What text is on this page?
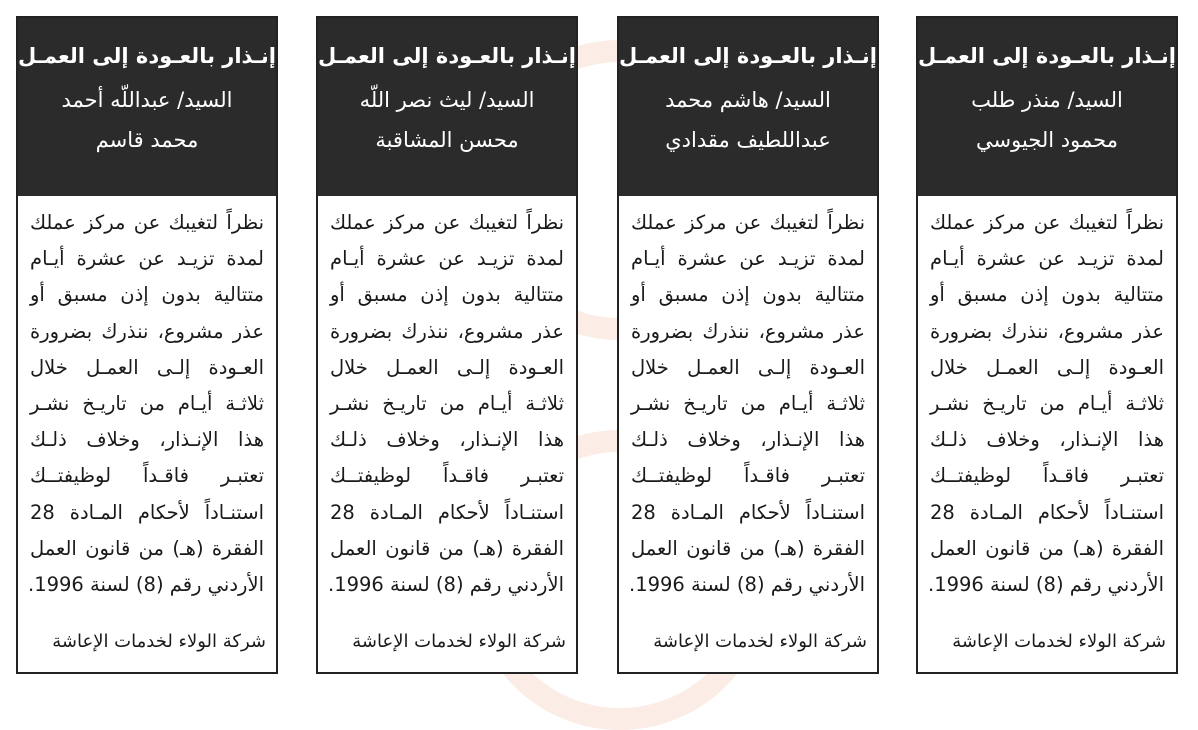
إنـذار بالعـودة إلى العمـل
السيد/ منذر طلب
محمود الجيوسي
نظراً لتغيبك عن مركز عملك
لمدة تزيـد عن عشرة أيـام
متتالية بدون إذن مسبق أو
عذر مشروع، ننذرك بضرورة
العـودة إلـى العمـل خلال
ثلاثـة أيـام من تاريـخ نشـر
هذا الإنـذار، وخلاف ذلـك
تعتبـر فاقـداً لوظيفتــك
استنـاداً لأحكام المـادة 28
الفقرة (هـ) من قانون العمل
الأردني رقم (8) لسنة 1996.
شركة الولاء لخدمات الإعاشة
إنـذار بالعـودة إلى العمـل
السيد/ هاشم محمد
عبداللطيف مقدادي
نظراً لتغيبك عن مركز عملك
لمدة تزيـد عن عشرة أيـام
متتالية بدون إذن مسبق أو
عذر مشروع، ننذرك بضرورة
العـودة إلـى العمـل خلال
ثلاثـة أيـام من تاريـخ نشـر
هذا الإنـذار، وخلاف ذلـك
تعتبـر فاقـداً لوظيفتــك
استنـاداً لأحكام المـادة 28
الفقرة (هـ) من قانون العمل
الأردني رقم (8) لسنة 1996.
شركة الولاء لخدمات الإعاشة
إنـذار بالعـودة إلى العمـل
السيد/ ليث نصر اللّه
محسن المشاقبة
نظراً لتغيبك عن مركز عملك
لمدة تزيـد عن عشرة أيـام
متتالية بدون إذن مسبق أو
عذر مشروع، ننذرك بضرورة
العـودة إلـى العمـل خلال
ثلاثـة أيـام من تاريـخ نشـر
هذا الإنـذار، وخلاف ذلـك
تعتبـر فاقـداً لوظيفتــك
استنـاداً لأحكام المـادة 28
الفقرة (هـ) من قانون العمل
الأردني رقم (8) لسنة 1996.
شركة الولاء لخدمات الإعاشة
إنـذار بالعـودة إلى العمـل
السيد/ عبداللّه أحمد
محمد قاسم
نظراً لتغيبك عن مركز عملك
لمدة تزيـد عن عشرة أيـام
متتالية بدون إذن مسبق أو
عذر مشروع، ننذرك بضرورة
العـودة إلـى العمـل خلال
ثلاثـة أيـام من تاريـخ نشـر
هذا الإنـذار، وخلاف ذلـك
تعتبـر فاقـداً لوظيفتــك
استنـاداً لأحكام المـادة 28
الفقرة (هـ) من قانون العمل
الأردني رقم (8) لسنة 1996.
شركة الولاء لخدمات الإعاشة
